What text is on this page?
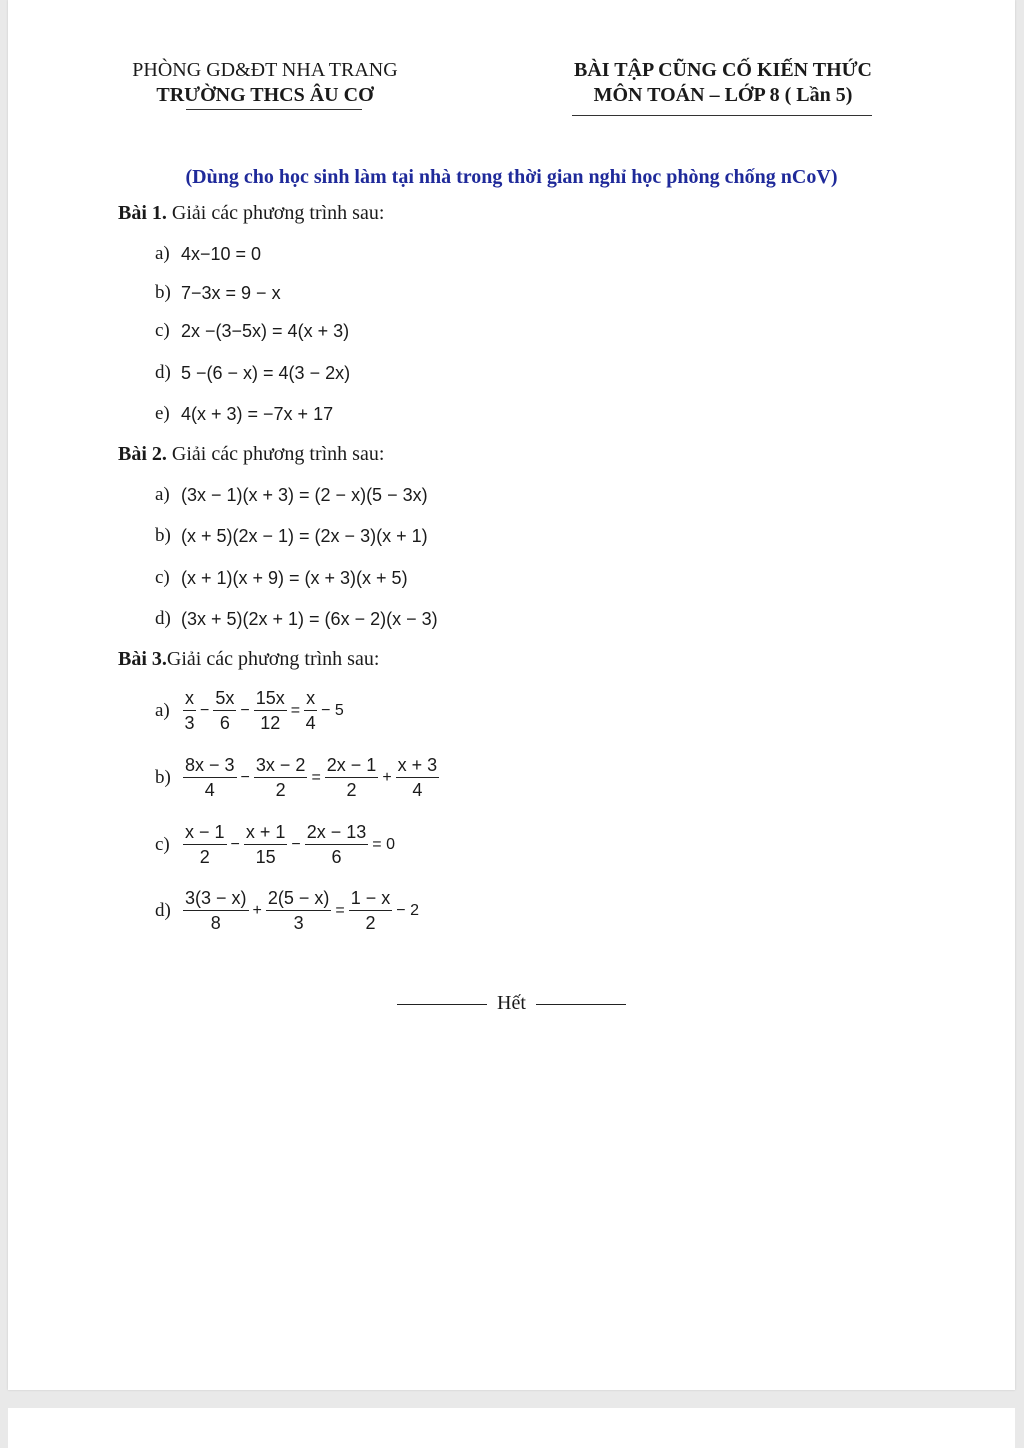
PHÒNG GD&ĐT NHA TRANG
TRƯỜNG THCS ÂU CƠ
BÀI TẬP CŨNG CỐ KIẾN THỨC
MÔN TOÁN – LỚP 8 ( Lần 5)
(Dùng cho học sinh làm tại nhà trong thời gian nghỉ học phòng chống nCoV)
Bài 1. Giải các phương trình sau:
a) 4x−10 = 0
b) 7−3x = 9 − x
c) 2x −(3−5x) = 4(x + 3)
d) 5 −(6 − x) = 4(3 − 2x)
e) 4(x + 3) = −7x + 17
Bài 2. Giải các phương trình sau:
a) (3x − 1)(x + 3) = (2 − x)(5 − 3x)
b) (x + 5)(2x − 1) = (2x − 3)(x + 1)
c) (x + 1)(x + 9) = (x + 3)(x + 5)
d) (3x + 5)(2x + 1) = (6x − 2)(x − 3)
Bài 3.Giải các phương trình sau:
$a) \frac{x}{3} - \frac{5x}{6} - \frac{15x}{12} = \frac{x}{4} - 5$
$b) \frac{8x - 3}{4} - \frac{3x - 2}{2} = \frac{2x - 1}{2} + \frac{x + 3}{4}$
$c) \frac{x - 1}{2} - \frac{x + 1}{15} - \frac{2x - 13}{6} = 0$
$d) \frac{3(3 - x)}{8} + \frac{2(5 - x)}{3} = \frac{1 - x}{2} - 2$
Hết
